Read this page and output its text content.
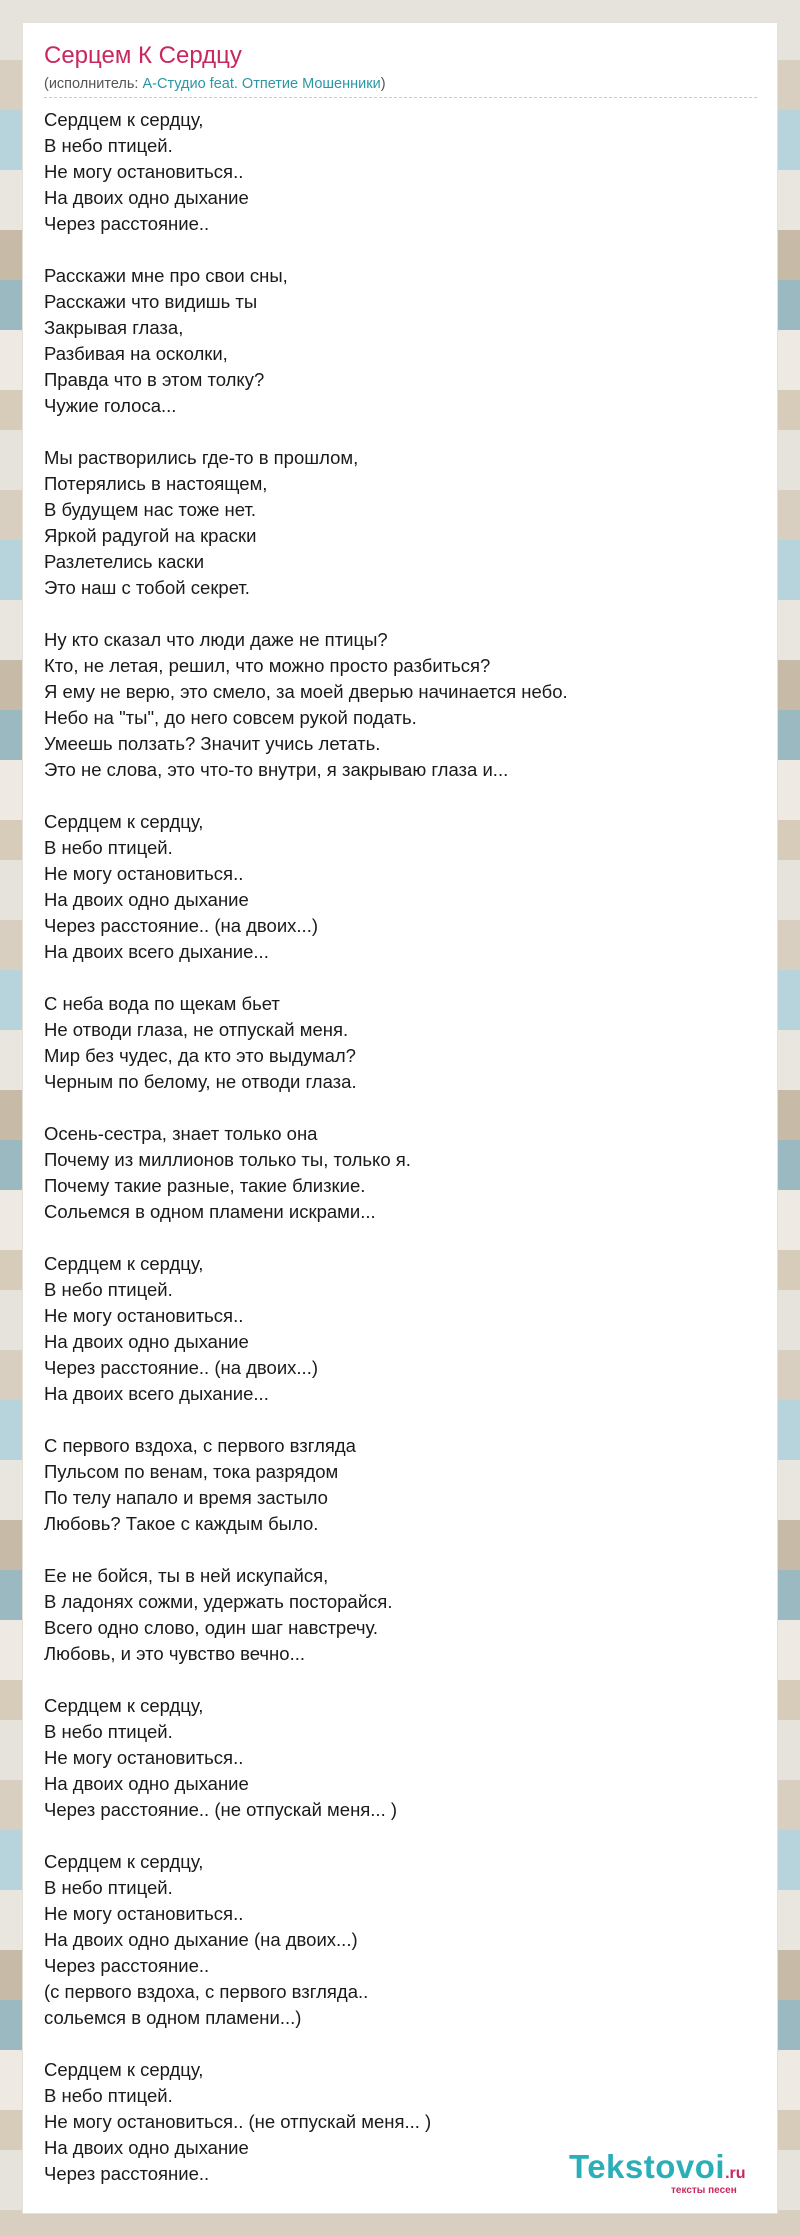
Серцем К Сердцу
(исполнитель: A-Студио feat. Отпетие Мошенники)
Сердцем к сердцу,
В небо птицей.
Не могу остановиться..
На двоих одно дыхание
Через расстояние..
Расскажи мне про свои сны,
Расскажи что видишь ты
Закрывая глаза,
Разбивая на осколки,
Правда что в этом толку?
Чужие голоса...
Мы растворились где-то в прошлом,
Потерялись в настоящем,
В будущем нас тоже нет.
Яркой радугой на краски
Разлетелись каски
Это наш с тобой секрет.
Ну кто сказал что люди даже не птицы?
Кто, не летая, решил, что можно просто разбиться?
Я ему не верю, это смело, за моей дверью начинается небо.
Небо на "ты", до него совсем рукой подать.
Умеешь ползать? Значит учись летать.
Это не слова, это что-то внутри, я закрываю глаза и...
Сердцем к сердцу,
В небо птицей.
Не могу остановиться..
На двоих одно дыхание
Через расстояние.. (на двоих...)
На двоих всего дыхание...
С неба вода по щекам бьет
Не отводи глаза, не отпускай меня.
Мир без чудес, да кто это выдумал?
Черным по белому, не отводи глаза.
Осень-сестра, знает только она
Почему из миллионов только ты, только я.
Почему такие разные, такие близкие.
Сольемся в одном пламени искрами...
Сердцем к сердцу,
В небо птицей.
Не могу остановиться..
На двоих одно дыхание
Через расстояние.. (на двоих...)
На двоих всего дыхание...
С первого вздоха, с первого взгляда
Пульсом по венам, тока разрядом
По телу напало и время застыло
Любовь? Такое с каждым было.
Ее не бойся, ты в ней искупайся,
В ладонях сожми, удержать посторайся.
Всего одно слово, один шаг навстречу.
Любовь, и это чувство вечно...
Сердцем к сердцу,
В небо птицей.
Не могу остановиться..
На двоих одно дыхание
Через расстояние.. (не отпускай меня... )
Сердцем к сердцу,
В небо птицей.
Не могу остановиться..
На двоих одно дыхание (на двоих...)
Через расстояние..
(с первого вздоха, с первого взгляда..
сольемся в одном пламени...)
Сердцем к сердцу,
В небо птицей.
Не могу остановиться.. (не отпускай меня... )
На двоих одно дыхание
Через расстояние..	Tekstovoi.ru
тексты песен
